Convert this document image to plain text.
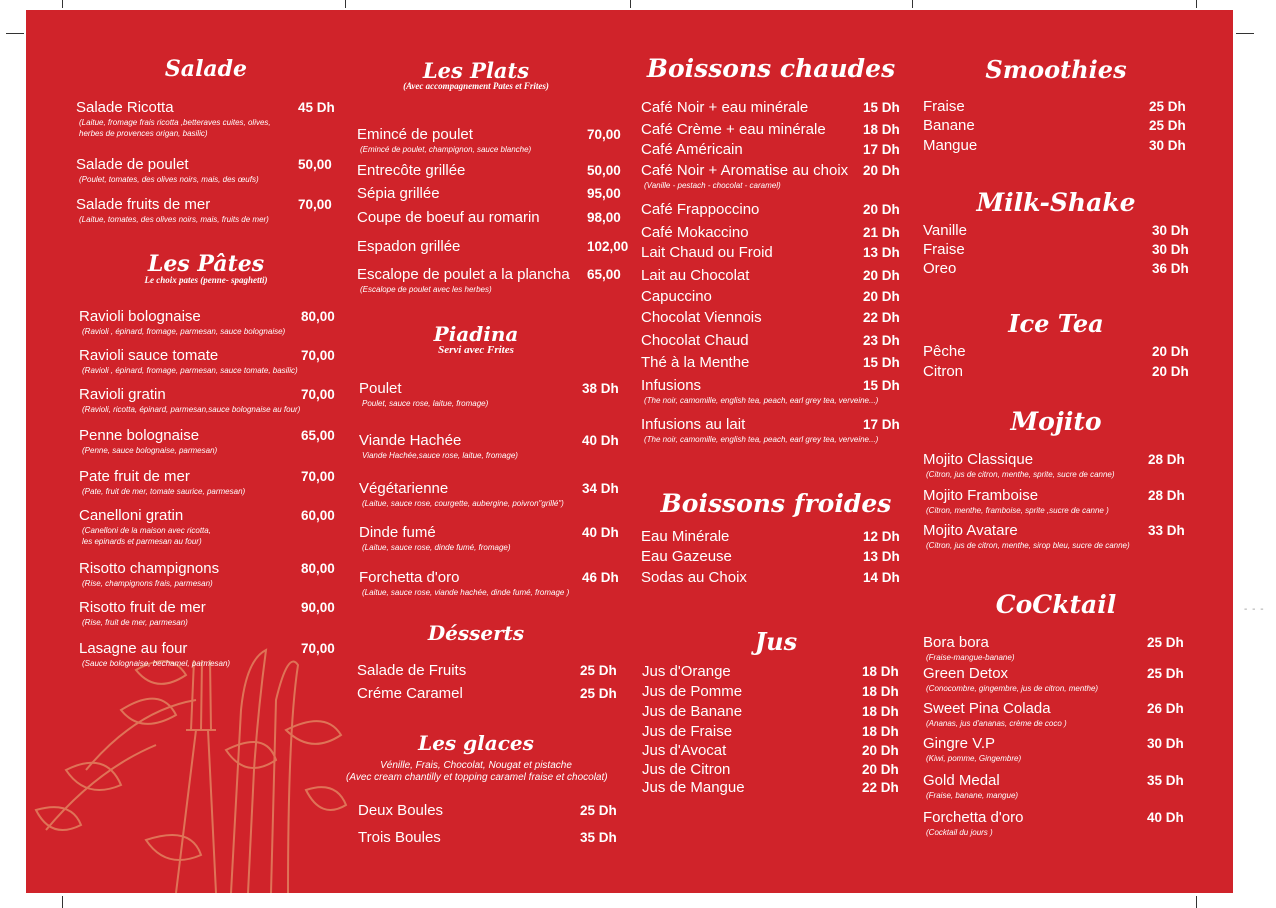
- - -
Salade
Salade Ricotta	45 Dh
(Laitue, fromage frais ricotta ,betteraves cuites, olives,
herbes de provences origan, basilic)
Salade de poulet	50,00
(Poulet, tomates, des olives noirs, mais, des œufs)
Salade fruits de mer	70,00
(Laitue, tomates, des olives noirs, mais, fruits de mer)
Les Pâtes
Le choix pates (penne- spaghetti)
Ravioli bolognaise	80,00
(Ravioli , épinard, fromage, parmesan, sauce bolognaise)
Ravioli sauce tomate	70,00
(Ravioli , épinard, fromage, parmesan, sauce tomate, basilic)
Ravioli gratin	70,00
(Ravioli, ricotta, épinard, parmesan,sauce bolognaise au four)
Penne bolognaise	65,00
(Penne, sauce bolognaise, parmesan)
Pate fruit de mer	70,00
(Pate, fruit de mer, tomate saurice, parmesan)
Canelloni gratin	60,00
(Canelloni de la maison avec ricotta,
les epinards et parmesan au four)
Risotto champignons	80,00
(Rise, champignons frais, parmesan)
Risotto fruit de mer	90,00
(Rise, fruit de mer, parmesan)
Lasagne au four	70,00
(Sauce bolognaise, bechamel, parmesan)
Les Plats
(Avec accompagnement Pates et Frites)
Emincé de poulet	70,00
(Emincé de poulet, champignon, sauce blanche)
Entrecôte grillée	50,00
Sépia grillée	95,00
Coupe de boeuf au romarin	98,00
Espadon grillée	102,00
Escalope de poulet a la plancha 65,00
(Escalope de poulet avec les herbes)
Piadina
Servi avec Frites
Poulet	38 Dh
Poulet, sauce rose, laitue, fromage)
Viande Hachée	40 Dh
Viande Hachée,sauce rose, laitue, fromage)
Végétarienne	34 Dh
(Laitue, sauce rose, courgette, aubergine, poivron"grillé")
Dinde fumé	40 Dh
(Laitue, sauce rose, dinde fumé, fromage)
Forchetta d'oro	46 Dh
(Laitue, sauce rose, viande hachée, dinde fumé, fromage )
Désserts
Salade de Fruits	25 Dh
Créme Caramel	25 Dh
Les glaces
Vénille, Frais, Chocolat, Nougat et pistache
(Avec cream chantilly et topping caramel fraise et chocolat)
Deux Boules	25 Dh
Trois Boules	35 Dh
Boissons chaudes
Café Noir + eau minérale	15 Dh
Café Crème + eau minérale	18 Dh
Café Américain	17 Dh
Café Noir + Aromatise au choix 20 Dh
(Vanille - pestach - chocolat - caramel)
Café Frappoccino	20 Dh
Café Mokaccino	21 Dh
Lait Chaud ou Froid	13 Dh
Lait au Chocolat	20 Dh
Capuccino	20 Dh
Chocolat Viennois	22 Dh
Chocolat Chaud	23 Dh
Thé à la Menthe	15 Dh
Infusions	15 Dh
(The noir, camomille, english tea, peach, earl grey tea, verveine...)
Infusions au lait	17 Dh
(The noir, camomille, english tea, peach, earl grey tea, verveine...)
Boissons froides
Eau Minérale	12 Dh
Eau Gazeuse	13 Dh
Sodas au Choix	14 Dh
Jus
Jus d'Orange	18 Dh
Jus de Pomme	18 Dh
Jus de Banane	18 Dh
Jus de Fraise	18 Dh
Jus d'Avocat	20 Dh
Jus de Citron	20 Dh
Jus de Mangue	22 Dh
Smoothies
Fraise	25 Dh
Banane	25 Dh
Mangue	30 Dh
Milk-Shake
Vanille	30 Dh
Fraise	30 Dh
Oreo	36 Dh
Ice Tea
Pêche	20 Dh
Citron	20 Dh
Mojito
Mojito Classique	28 Dh
(Citron, jus de citron, menthe, sprite, sucre de canne)
Mojito Framboise	28 Dh
(Citron, menthe, framboise, sprite ,sucre de canne )
Mojito Avatare	33 Dh
(Citron, jus de citron, menthe, sirop bleu, sucre de canne)
CoCktail
Bora bora	25 Dh
(Fraise-mangue-banane)
Green Detox	25 Dh
(Conocombre, gingembre, jus de citron, menthe)
Sweet Pina Colada	26 Dh
(Ananas, jus d'ananas, crème de coco )
Gingre V.P	30 Dh
(Kiwi, pomme, Gingembre)
Gold Medal	35 Dh
(Fraise, banane, mangue)
Forchetta d'oro	40 Dh
(Cocktail du jours )
